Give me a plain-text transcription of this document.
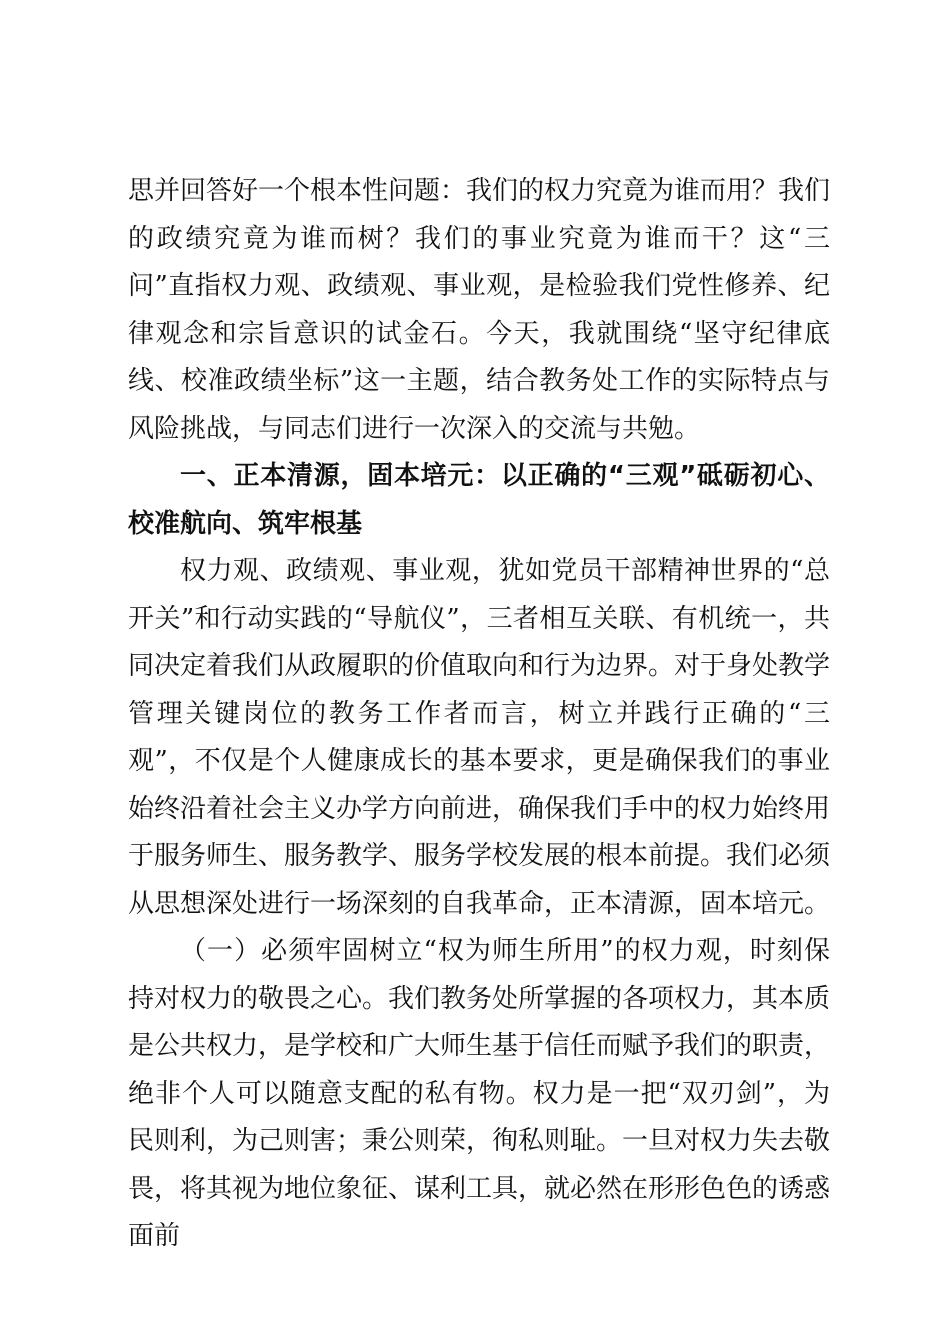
思并回答好一个根本性问题：我们的权力究竟为谁而用？我们的政绩究竟为谁而树？我们的事业究竟为谁而干？这“三问”直指权力观、政绩观、事业观，是检验我们党性修养、纪律观念和宗旨意识的试金石。今天，我就围绕“坚守纪律底线、校准政绩坐标”这一主题，结合教务处工作的实际特点与风险挑战，与同志们进行一次深入的交流与共勉。

一、正本清源，固本培元：以正确的“三观”砥砺初心、校准航向、筑牢根基

权力观、政绩观、事业观，犹如党员干部精神世界的“总开关”和行动实践的“导航仪”，三者相互关联、有机统一，共同决定着我们从政履职的价值取向和行为边界。对于身处教学管理关键岗位的教务工作者而言，树立并践行正确的“三观”，不仅是个人健康成长的基本要求，更是确保我们的事业始终沿着社会主义办学方向前进，确保我们手中的权力始终用于服务师生、服务教学、服务学校发展的根本前提。我们必须从思想深处进行一场深刻的自我革命，正本清源，固本培元。

（一）必须牢固树立“权为师生所用”的权力观，时刻保持对权力的敬畏之心。我们教务处所掌握的各项权力，其本质是公共权力，是学校和广大师生基于信任而赋予我们的职责，绝非个人可以随意支配的私有物。权力是一把“双刃剑”，为民则利，为己则害；秉公则荣，徇私则耻。一旦对权力失去敬畏，将其视为地位象征、谋利工具，就必然在形形色色的诱惑面前
